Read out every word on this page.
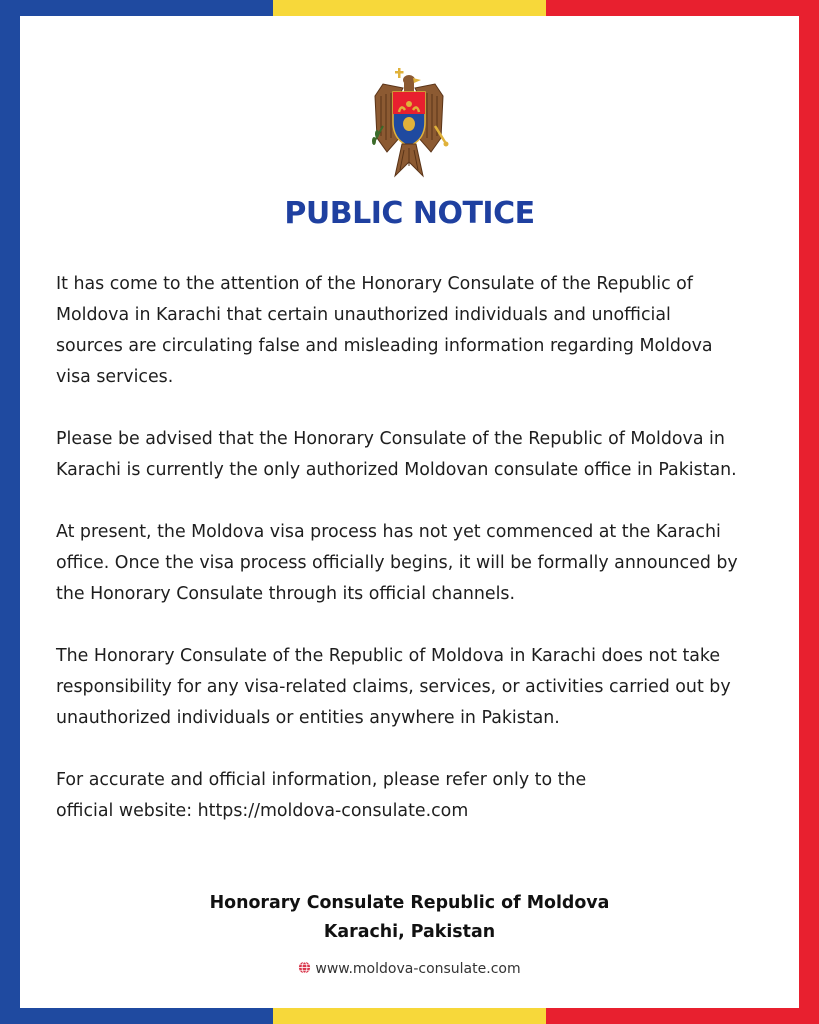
PUBLIC NOTICE

It has come to the attention of the Honorary Consulate of the Republic of
Moldova in Karachi that certain unauthorized individuals and unofficial
sources are circulating false and misleading information regarding Moldova
visa services.

Please be advised that the Honorary Consulate of the Republic of Moldova in
Karachi is currently the only authorized Moldovan consulate office in Pakistan.

At present, the Moldova visa process has not yet commenced at the Karachi
office. Once the visa process officially begins, it will be formally announced by
the Honorary Consulate through its official channels.

The Honorary Consulate of the Republic of Moldova in Karachi does not take
responsibility for any visa-related claims, services, or activities carried out by
unauthorized individuals or entities anywhere in Pakistan.

For accurate and official information, please refer only to the
official website: https://moldova-consulate.com

Honorary Consulate Republic of Moldova
Karachi, Pakistan
www.moldova-consulate.com
